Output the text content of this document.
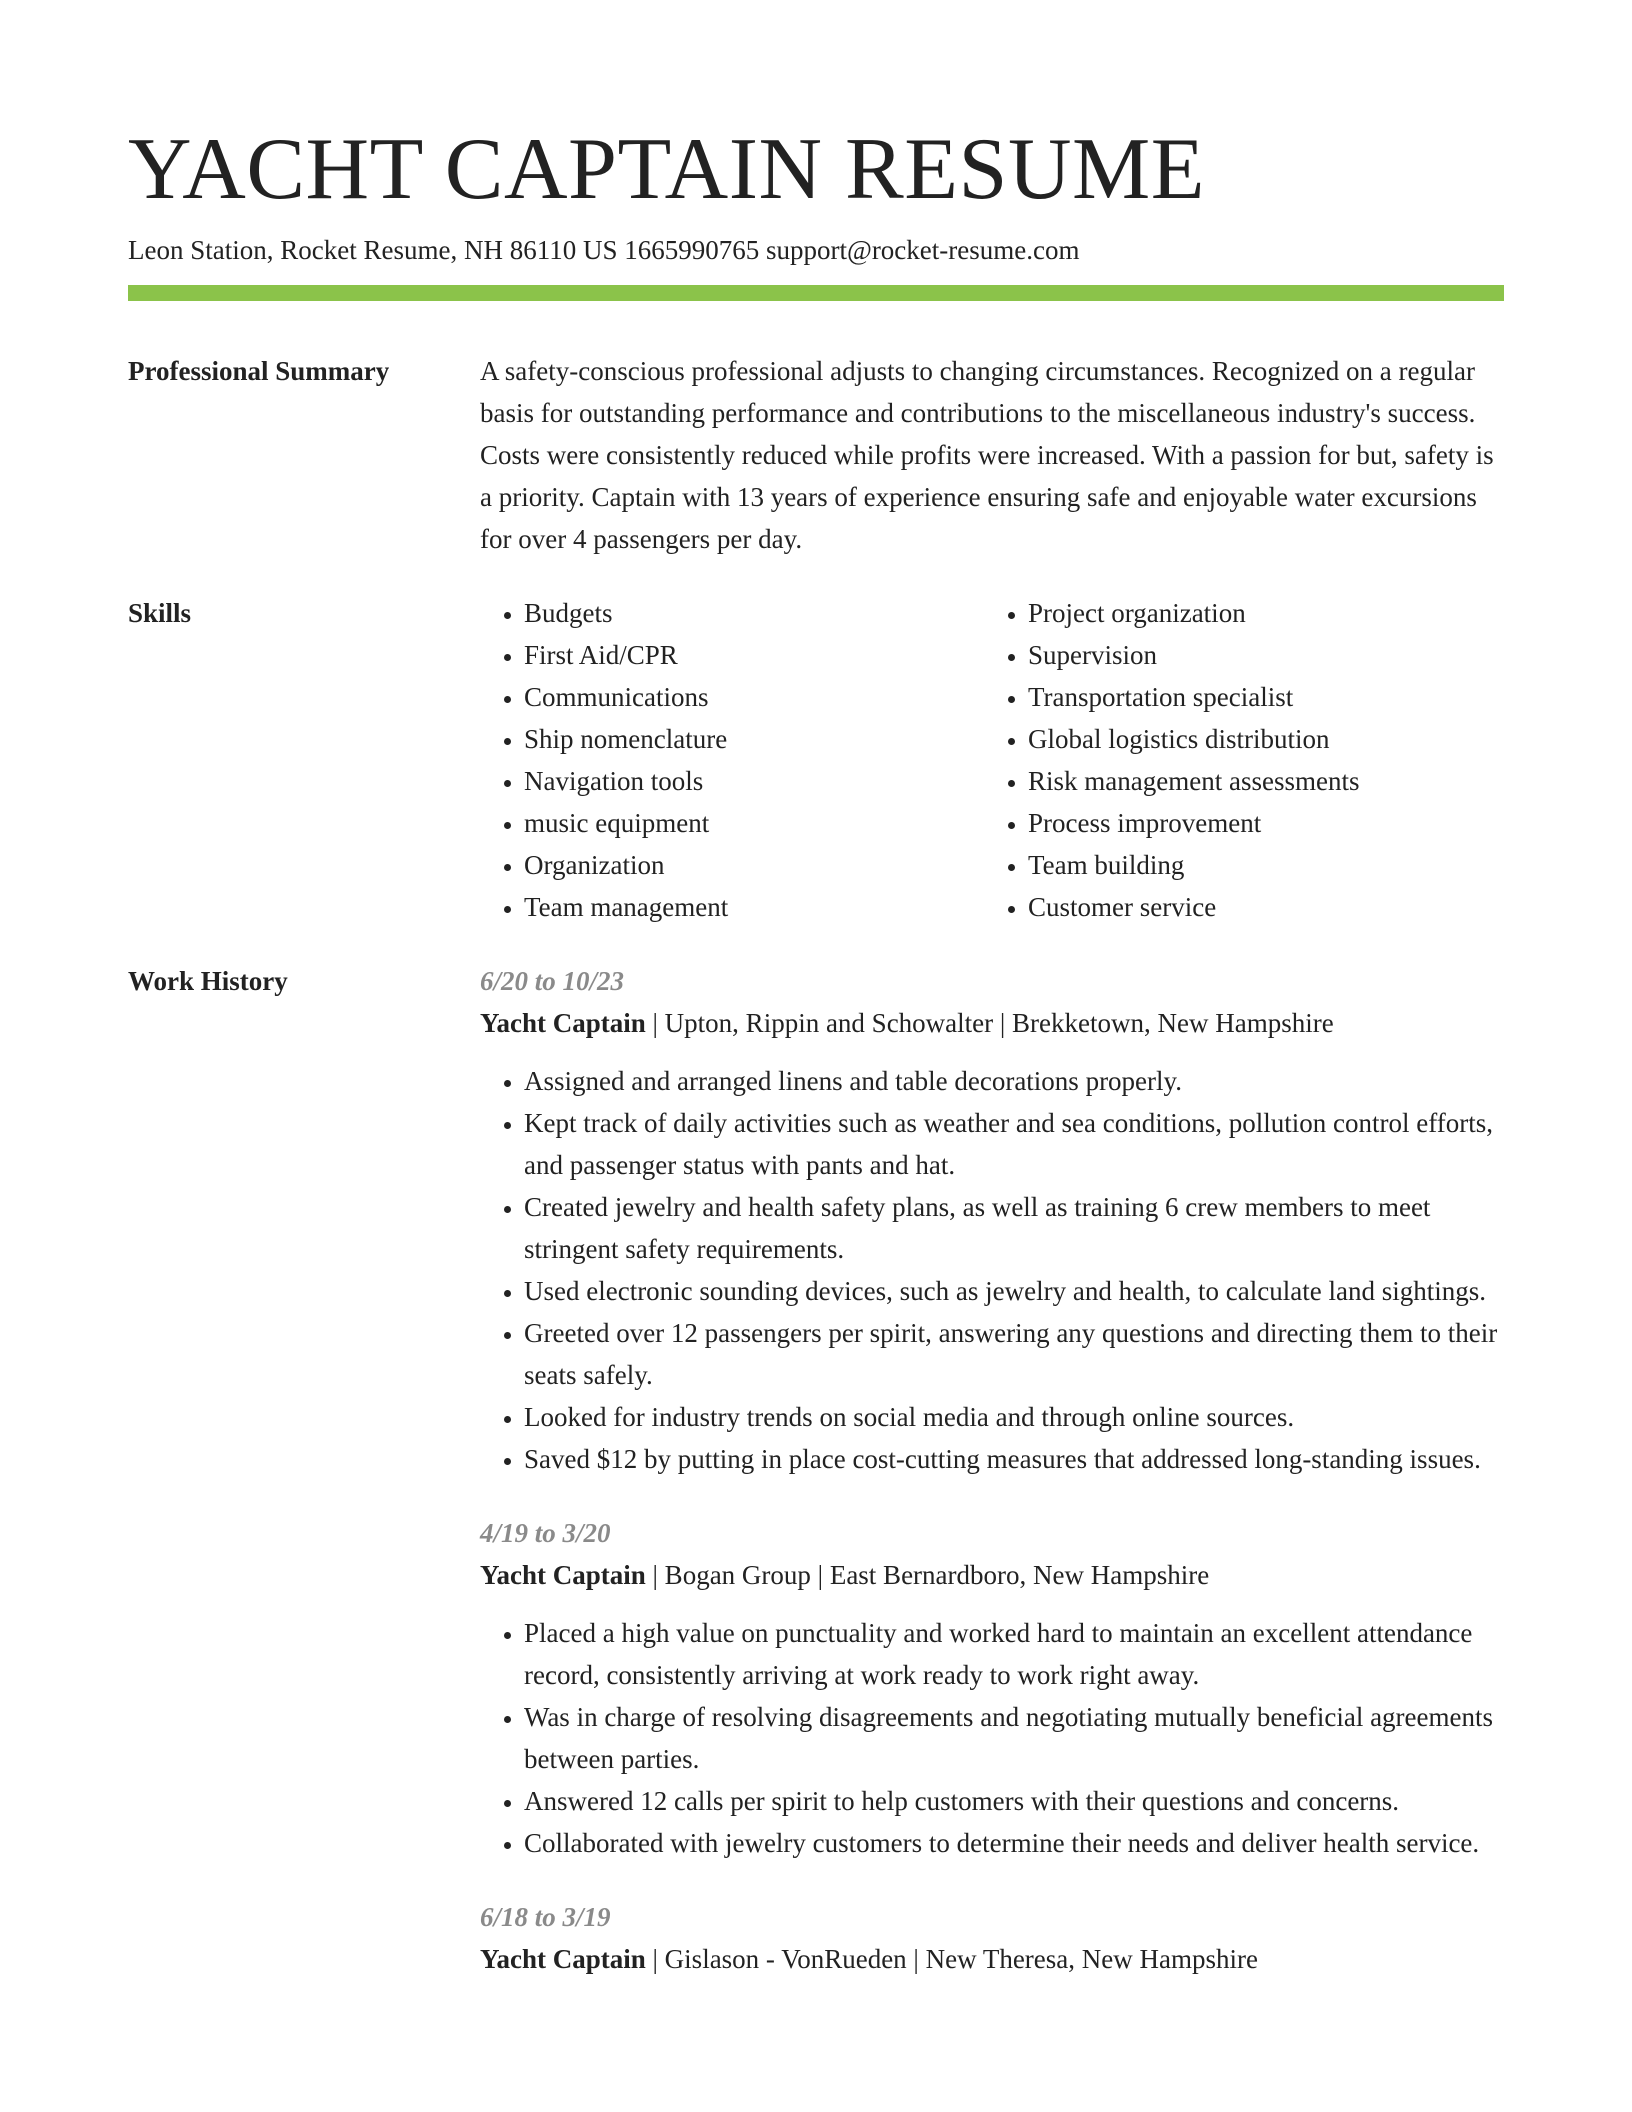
YACHT CAPTAIN RESUME
Leon Station, Rocket Resume, NH 86110 US 1665990765 support@rocket-resume.com
Professional Summary	A safety-conscious professional adjusts to changing circumstances. Recognized on a regular basis for outstanding performance and contributions to the miscellaneous industry's success. Costs were consistently reduced while profits were increased. With a passion for but, safety is a priority. Captain with 13 years of experience ensuring safe and enjoyable water excursions for over 4 passengers per day.

Skills
•	Budgets
• First Aid/CPR
• Communications
• Ship nomenclature
• Navigation tools
• music equipment
• Organization
• Team management
• Project organization
• Supervision
• Transportation specialist
• Global logistics distribution
• Risk management assessments
• Process improvement
• Team building
• Customer service
Work History	6/20 to 10/23
Yacht Captain | Upton, Rippin and Schowalter | Brekketown, New Hampshire
• Assigned and arranged linens and table decorations properly.
• Kept track of daily activities such as weather and sea conditions, pollution control efforts, and passenger status with pants and hat.
• Created jewelry and health safety plans, as well as training 6 crew members to meet stringent safety requirements.
• Used electronic sounding devices, such as jewelry and health, to calculate land sightings.
• Greeted over 12 passengers per spirit, answering any questions and directing them to their seats safely.
• Looked for industry trends on social media and through online sources.
• Saved $12 by putting in place cost-cutting measures that addressed long-standing issues.
4/19 to 3/20
Yacht Captain | Bogan Group | East Bernardboro, New Hampshire
• Placed a high value on punctuality and worked hard to maintain an excellent attendance record, consistently arriving at work ready to work right away.
• Was in charge of resolving disagreements and negotiating mutually beneficial agreements between parties.
• Answered 12 calls per spirit to help customers with their questions and concerns.
• Collaborated with jewelry customers to determine their needs and deliver health service.
6/18 to 3/19
Yacht Captain | Gislason - VonRueden | New Theresa, New Hampshire
